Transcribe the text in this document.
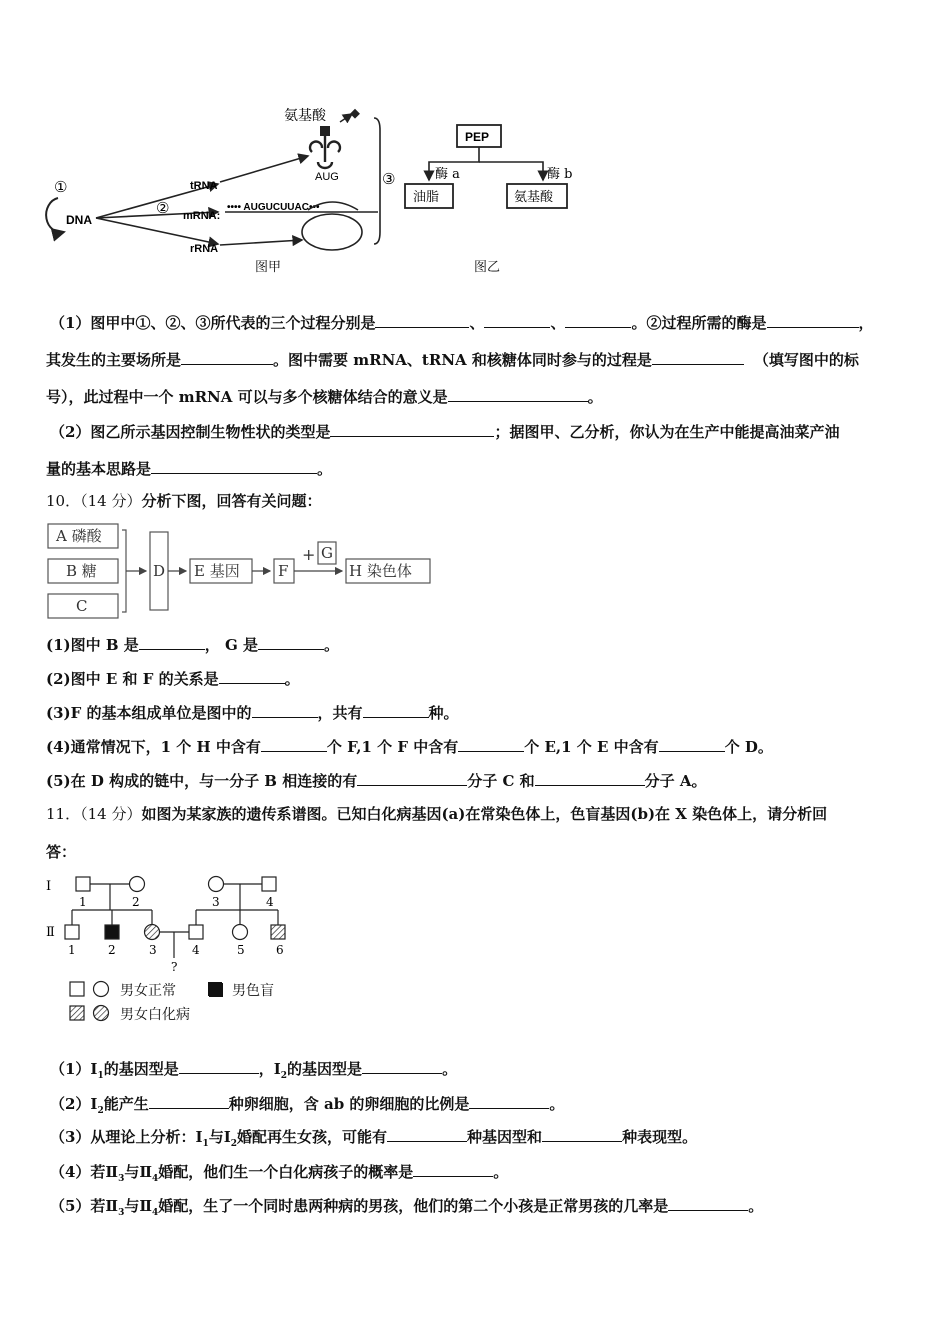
DNA
①
②
tRNA
mRNA:
rRNA
AUG
氨基酸
•••• AUGUCUUAC•••
③
图甲
PEP
酶 a	酶 b
油脂	氨基酸
图乙
（1）图甲中①、②、③所代表的三个过程分别是	、	、	。②过程所需的酶是	，
其发生的主要场所是	。图中需要 mRNA、tRNA 和核糖体同时参与的过程是	（填写图中的标
号），此过程中一个 mRNA 可以与多个核糖体结合的意义是	。
（2）图乙所示基因控制生物性状的类型是	；据图甲、乙分析，你认为在生产中能提高油菜产油
量的基本思路是	。
10．（14 分）分析下图，回答有关问题：
A 磷酸
B 糖
C
D E 基因	F
+ G
H 染色体
(1)图中 B 是	， G 是	。
(2)图中 E 和 F 的关系是	。
(3)F 的基本组成单位是图中的	，共有	种。
(4)通常情况下，1 个 H 中含有	个 F,1 个 F 中含有	个 E,1 个 E 中含有	个 D。
(5)在 D 构成的链中，与一分子 B 相连接的有	分子 C 和	分子 A。
11．（14 分）如图为某家族的遗传系谱图。已知白化病基因(a)在常染色体上，色盲基因(b)在 X 染色体上，请分析回
答：
Ⅰ
Ⅱ
1	2	3	4
1	2	3	4	5	6
?
男女正常	男色盲
男女白化病
$(1)Ⅰ_1$的基因型是	，$Ⅰ_2$的基因型是	。
$(2)Ⅰ_2$能产生	种卵细胞，含 ab 的卵细胞的比例是	。
（3）从理论上分析：$Ⅰ_1$与$Ⅰ_2$婚配再生女孩，可能有	种基因型和	种表现型。
（4）若$Ⅱ_3$与$Ⅱ_4$婚配，他们生一个白化病孩子的概率是	。
（5）若$Ⅱ_3$与$Ⅱ_4$婚配，生了一个同时患两种病的男孩，他们的第二个小孩是正常男孩的几率是	。
